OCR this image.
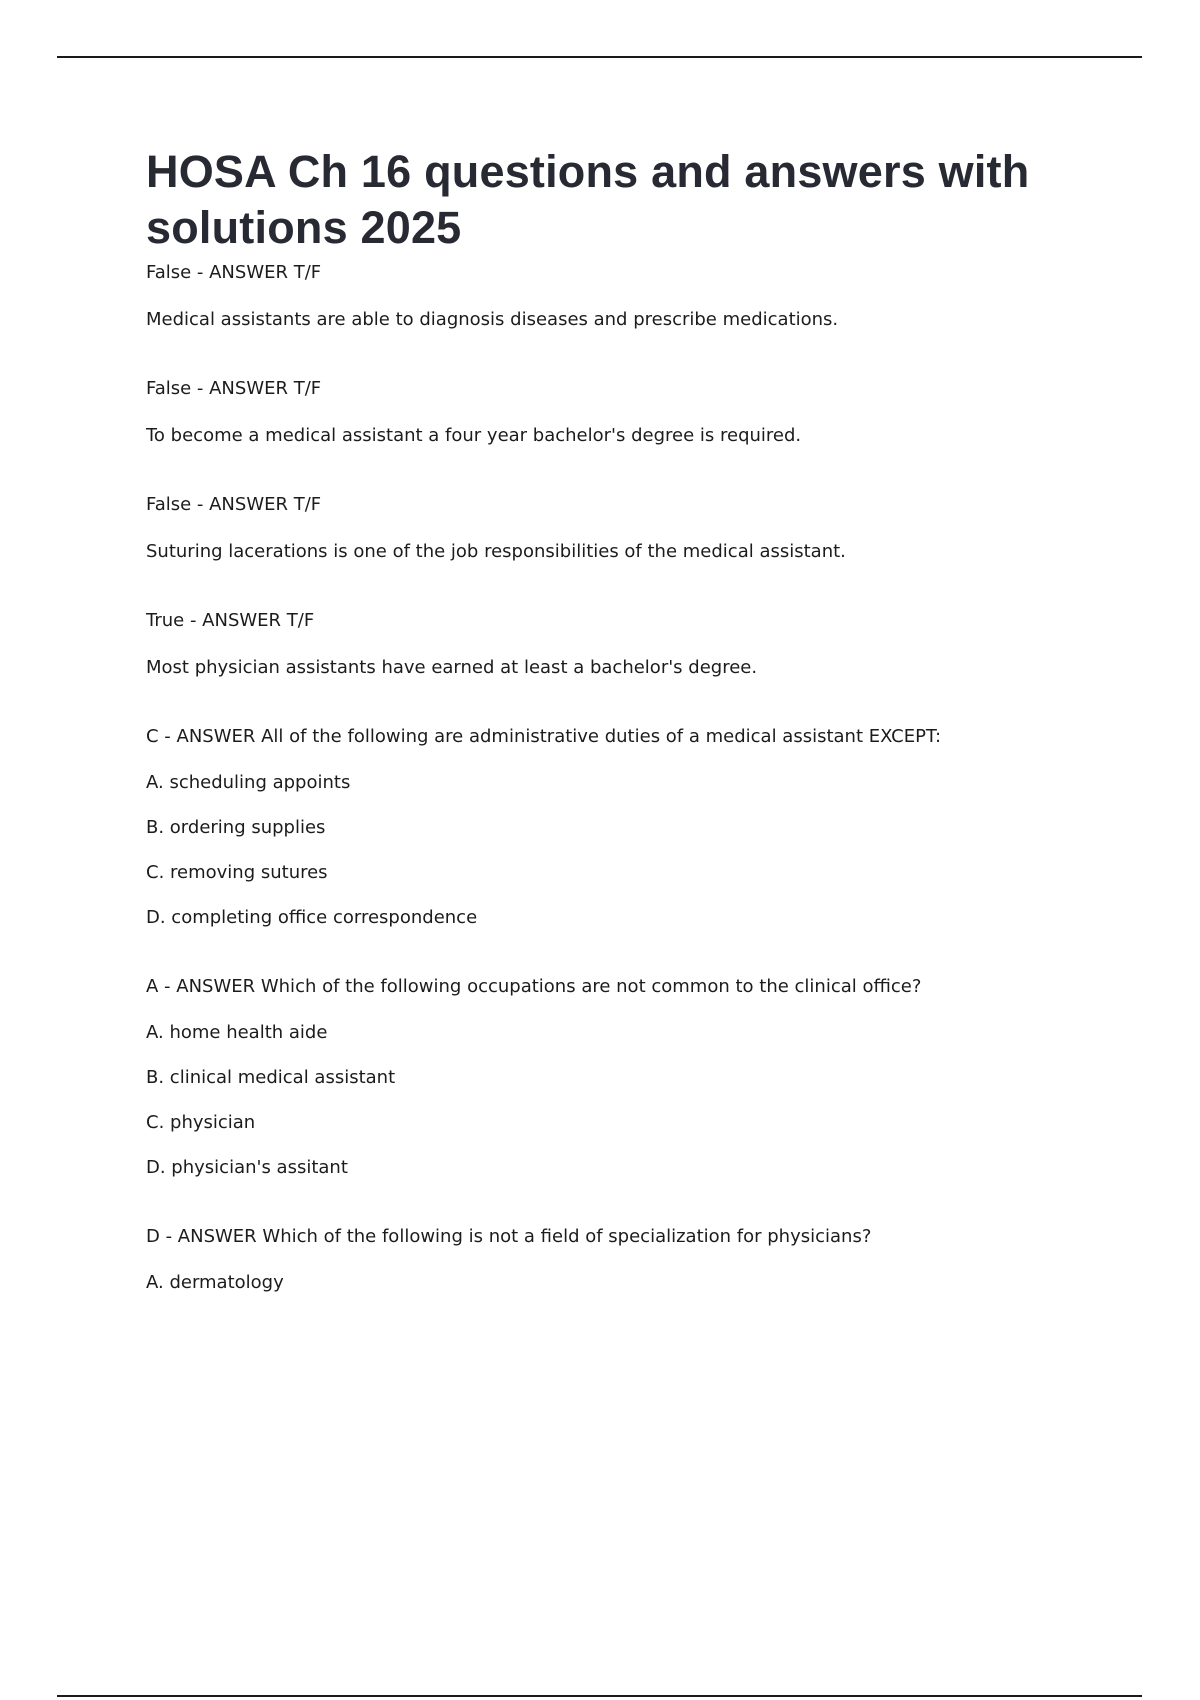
HOSA Ch 16 questions and answers with solutions 2025

False - ANSWER T/F

Medical assistants are able to diagnosis diseases and prescribe medications.

False - ANSWER T/F

To become a medical assistant a four year bachelor's degree is required.

False - ANSWER T/F

Suturing lacerations is one of the job responsibilities of the medical assistant.

True - ANSWER T/F

Most physician assistants have earned at least a bachelor's degree.

C - ANSWER All of the following are administrative duties of a medical assistant EXCEPT:

A. scheduling appoints

B. ordering supplies

C. removing sutures

D. completing office correspondence

A - ANSWER Which of the following occupations are not common to the clinical office?

A. home health aide

B. clinical medical assistant

C. physician

D. physician's assitant

D - ANSWER Which of the following is not a field of specialization for physicians?

A. dermatology
